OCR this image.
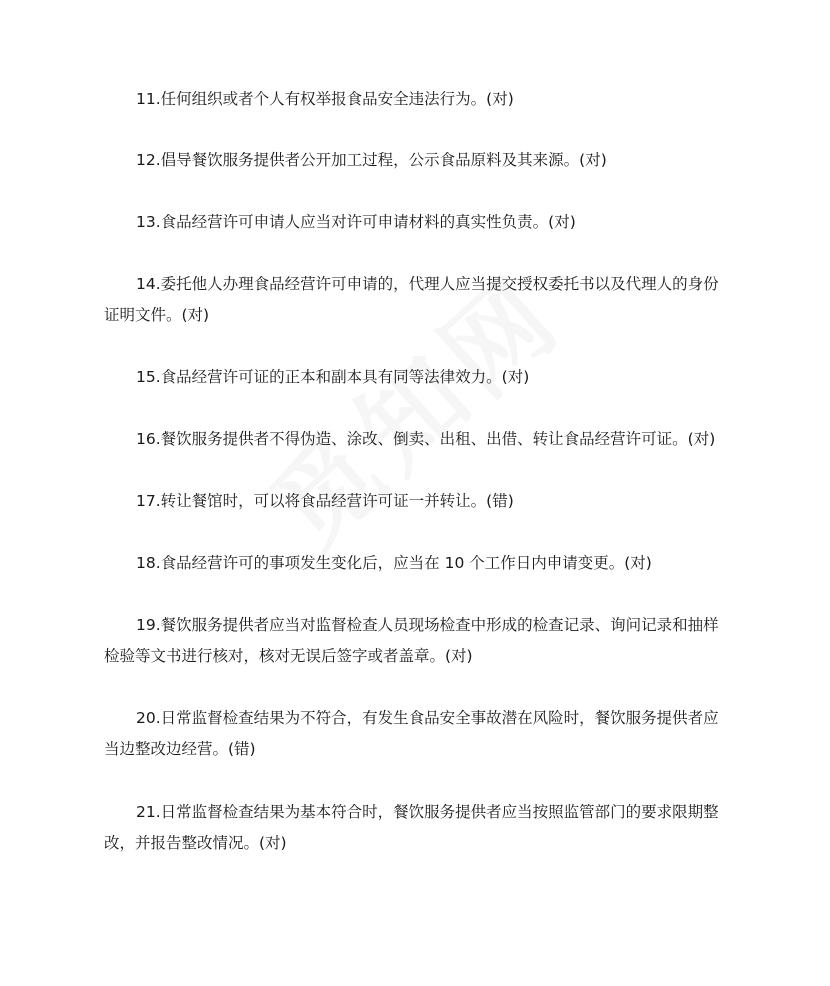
11.任何组织或者个人有权举报食品安全违法行为。(对)

12.倡导餐饮服务提供者公开加工过程，公示食品原料及其来源。(对)

13.食品经营许可申请人应当对许可申请材料的真实性负责。(对)

14.委托他人办理食品经营许可申请的，代理人应当提交授权委托书以及代理人的身份证明文件。(对)

15.食品经营许可证的正本和副本具有同等法律效力。(对)

16.餐饮服务提供者不得伪造、涂改、倒卖、出租、出借、转让食品经营许可证。(对)

17.转让餐馆时，可以将食品经营许可证一并转让。(错)

18.食品经营许可的事项发生变化后，应当在 10 个工作日内申请变更。(对)

19.餐饮服务提供者应当对监督检查人员现场检查中形成的检查记录、询问记录和抽样检验等文书进行核对，核对无误后签字或者盖章。(对)

20.日常监督检查结果为不符合，有发生食品安全事故潜在风险时，餐饮服务提供者应当边整改边经营。(错)

21.日常监督检查结果为基本符合时，餐饮服务提供者应当按照监管部门的要求限期整改，并报告整改情况。(对)
